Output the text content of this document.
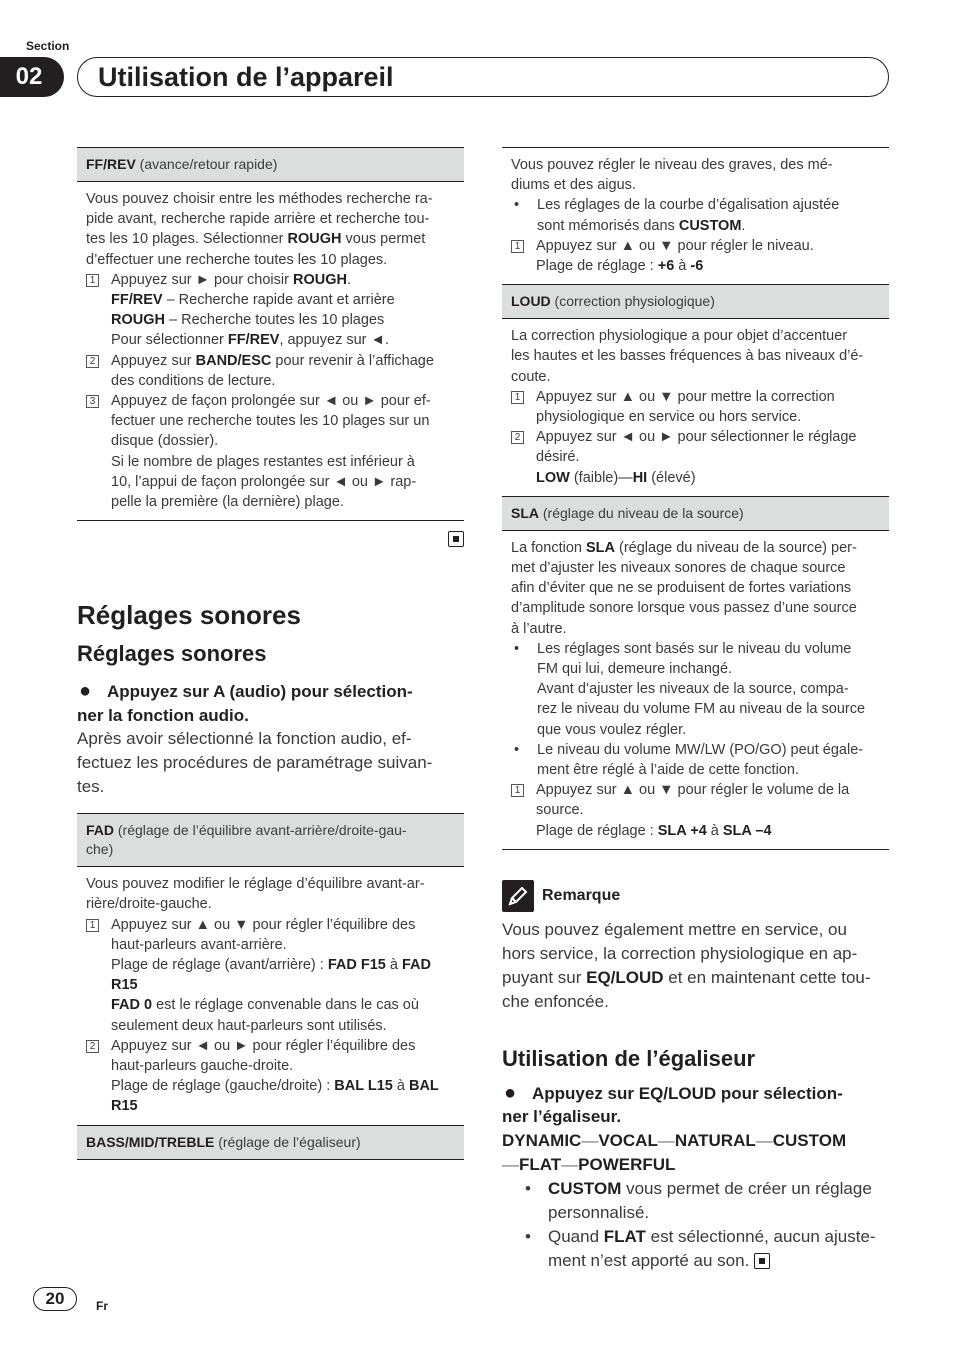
Section
02	Utilisation de l’appareil
FF/REV (avance/retour rapide)
Vous pouvez choisir entre les méthodes recherche ra-
pide avant, recherche rapide arrière et recherche tou-
tes les 10 plages. Sélectionner ROUGH vous permet
d’effectuer une recherche toutes les 10 plages.
1 Appuyez sur ► pour choisir ROUGH.
FF/REV – Recherche rapide avant et arrière
ROUGH – Recherche toutes les 10 plages
Pour sélectionner FF/REV, appuyez sur ◄.
2 Appuyez sur BAND/ESC pour revenir à l’affichage
des conditions de lecture.
3 Appuyez de façon prolongée sur ◄ ou ► pour ef-
fectuer une recherche toutes les 10 plages sur un
disque (dossier).
Si le nombre de plages restantes est inférieur à
10, l’appui de façon prolongée sur ◄ ou ► rap-
pelle la première (la dernière) plage.
Réglages sonores
Réglages sonores
● Appuyez sur A (audio) pour sélection-
ner la fonction audio.
Après avoir sélectionné la fonction audio, ef-
fectuez les procédures de paramétrage suivan-
tes.
FAD (réglage de l’équilibre avant-arrière/droite-gau-
che)
Vous pouvez modifier le réglage d’équilibre avant-ar-
rière/droite-gauche.
1 Appuyez sur ▲ ou ▼ pour régler l’équilibre des
haut-parleurs avant-arrière.
Plage de réglage (avant/arrière) : FAD F15 à FAD
R15
FAD 0 est le réglage convenable dans le cas où
seulement deux haut-parleurs sont utilisés.
2 Appuyez sur ◄ ou ► pour régler l’équilibre des
haut-parleurs gauche-droite.
Plage de réglage (gauche/droite) : BAL L15 à BAL
R15
BASS/MID/TREBLE (réglage de l’égaliseur)
Vous pouvez régler le niveau des graves, des mé-
diums et des aigus.
•	Les réglages de la courbe d’égalisation ajustée
sont mémorisés dans CUSTOM.
1 Appuyez sur ▲ ou ▼ pour régler le niveau.
Plage de réglage : +6 à -6
LOUD (correction physiologique)
La correction physiologique a pour objet d’accentuer
les hautes et les basses fréquences à bas niveaux d’é-
coute.
1 Appuyez sur ▲ ou ▼ pour mettre la correction
physiologique en service ou hors service.
2 Appuyez sur ◄ ou ► pour sélectionner le réglage
désiré.
LOW (faible)—HI (élevé)
SLA (réglage du niveau de la source)
La fonction SLA (réglage du niveau de la source) per-
met d’ajuster les niveaux sonores de chaque source
afin d’éviter que ne se produisent de fortes variations
d’amplitude sonore lorsque vous passez d’une source
à l’autre.
•	Les réglages sont basés sur le niveau du volume
FM qui lui, demeure inchangé.
Avant d’ajuster les niveaux de la source, compa-
rez le niveau du volume FM au niveau de la source
que vous voulez régler.
•	Le niveau du volume MW/LW (PO/GO) peut égale-
ment être réglé à l’aide de cette fonction.
1 Appuyez sur ▲ ou ▼ pour régler le volume de la
source.
Plage de réglage : SLA +4 à SLA –4
Remarque
Vous pouvez également mettre en service, ou
hors service, la correction physiologique en ap-
puyant sur EQ/LOUD et en maintenant cette tou-
che enfoncée.
Utilisation de l’égaliseur
● Appuyez sur EQ/LOUD pour sélection-
ner l’égaliseur.
DYNAMIC—VOCAL—NATURAL—CUSTOM
—FLAT—POWERFUL
•	CUSTOM vous permet de créer un réglage
personnalisé.
•	Quand FLAT est sélectionné, aucun ajuste-
ment n’est apporté au son.
20	Fr
